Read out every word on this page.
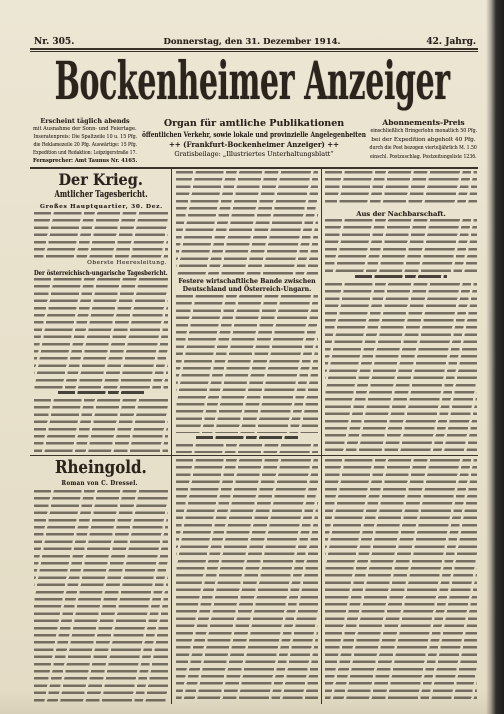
Nr. 305.	Donnerstag, den 31. Dezember 1914.	42. Jahrg.
Bockenheimer Anzeiger
Erscheint täglich abends
mit Ausnahme der Sonn- und Feiertage.
Inseratenpreis: Die Spaltzeile 10 u. 15 Pfg.
die Reklamezeile 20 Pfg. Auswärtige: 15 Pfg.
Expedition und Redaktion: Leipzigerstraße 17.
Fernsprecher: Amt Taunus Nr. 4165.
Organ für amtliche Publikationen
öffentlichen Verkehr, sowie lokale und provinzielle Angelegenheiten
++ (Frankfurt-Bockenheimer Anzeiger) ++
Gratisbeilage: „Illustriertes Unterhaltungsblatt“
Abonnements-Preis
einschließlich Bringerlohn monatlich 50 Pfg.
bei der Expedition abgeholt 40 Pfg.
durch die Post bezogen vierteljährlich M. 1.50
einschl. Postzuschlag. Postzeitungsliste 1236.
Der Krieg.
Amtlicher Tagesbericht.
Großes Hauptquartier, 30. Dez.
Oberste Heeresleitung.
Der österreichisch-ungarische Tagesbericht.
Rheingold.
Roman von C. Dressel.
Festere wirtschaftliche Bande zwischen
Deutschland und Österreich-Ungarn.
Aus der Nachbarschaft.
